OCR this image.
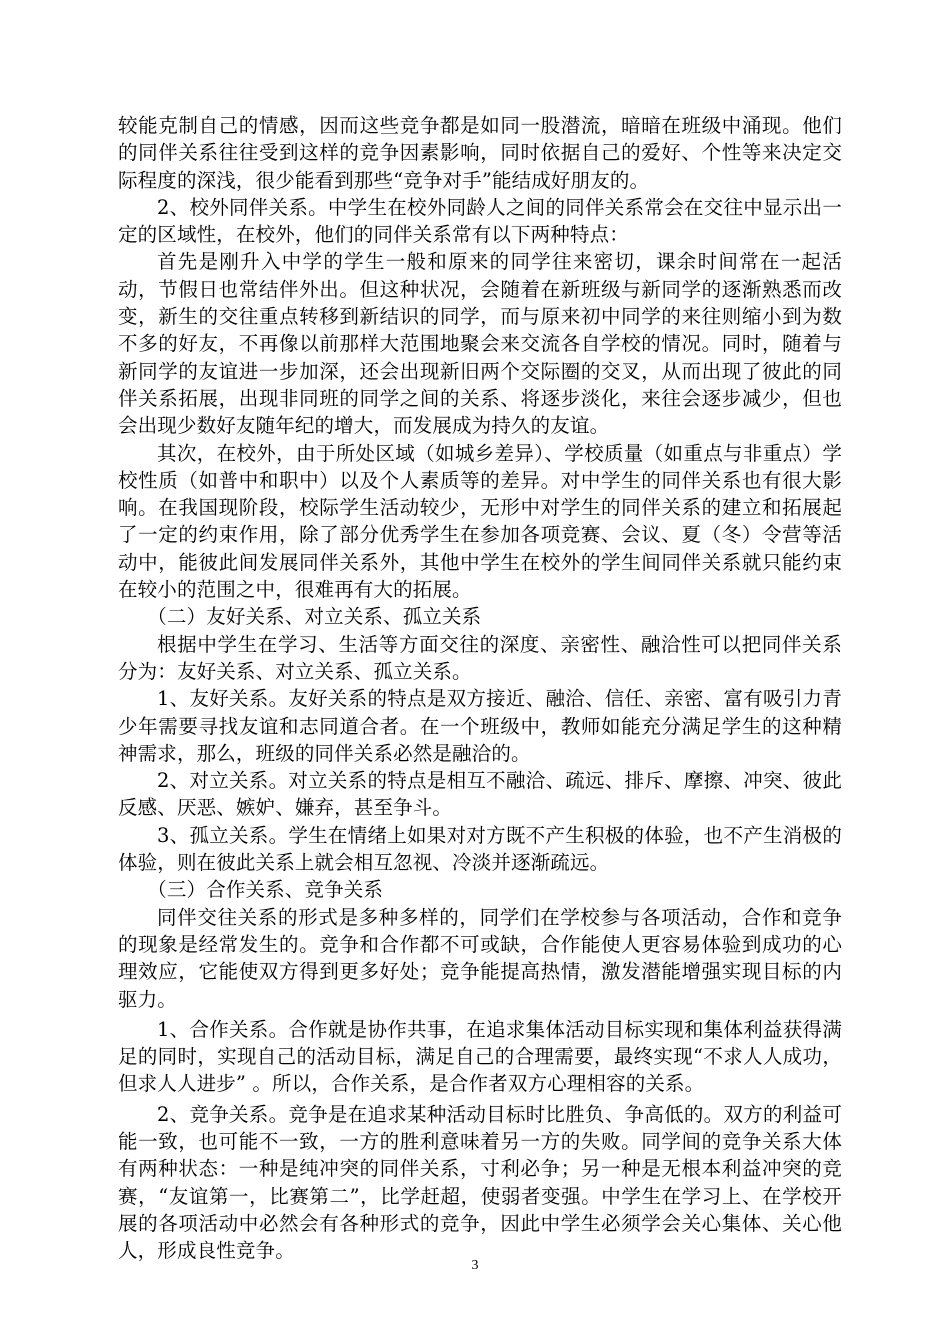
较能克制自己的情感，因而这些竞争都是如同一股潜流，暗暗在班级中涌现。他们的同伴关系往往受到这样的竞争因素影响，同时依据自己的爱好、个性等来决定交际程度的深浅，很少能看到那些“竞争对手”能结成好朋友的。

2、校外同伴关系。中学生在校外同龄人之间的同伴关系常会在交往中显示出一定的区域性，在校外，他们的同伴关系常有以下两种特点：

首先是刚升入中学的学生一般和原来的同学往来密切，课余时间常在一起活动，节假日也常结伴外出。但这种状况，会随着在新班级与新同学的逐渐熟悉而改变，新生的交往重点转移到新结识的同学，而与原来初中同学的来往则缩小到为数不多的好友，不再像以前那样大范围地聚会来交流各自学校的情况。同时，随着与新同学的友谊进一步加深，还会出现新旧两个交际圈的交叉，从而出现了彼此的同伴关系拓展，出现非同班的同学之间的关系、将逐步淡化，来往会逐步减少，但也会出现少数好友随年纪的增大，而发展成为持久的友谊。

其次，在校外，由于所处区域（如城乡差异）、学校质量（如重点与非重点）学校性质（如普中和职中）以及个人素质等的差异。对中学生的同伴关系也有很大影响。在我国现阶段，校际学生活动较少，无形中对学生的同伴关系的建立和拓展起了一定的约束作用，除了部分优秀学生在参加各项竞赛、会议、夏（冬）令营等活动中，能彼此间发展同伴关系外，其他中学生在校外的学生间同伴关系就只能约束在较小的范围之中，很难再有大的拓展。

（二）友好关系、对立关系、孤立关系

根据中学生在学习、生活等方面交往的深度、亲密性、融洽性可以把同伴关系分为：友好关系、对立关系、孤立关系。

1、友好关系。友好关系的特点是双方接近、融洽、信任、亲密、富有吸引力青少年需要寻找友谊和志同道合者。在一个班级中，教师如能充分满足学生的这种精神需求，那么，班级的同伴关系必然是融洽的。

2、对立关系。对立关系的特点是相互不融洽、疏远、排斥、摩擦、冲突、彼此反感、厌恶、嫉妒、嫌弃，甚至争斗。

3、孤立关系。学生在情绪上如果对对方既不产生积极的体验，也不产生消极的体验，则在彼此关系上就会相互忽视、冷淡并逐渐疏远。

（三）合作关系、竞争关系

同伴交往关系的形式是多种多样的，同学们在学校参与各项活动，合作和竞争的现象是经常发生的。竞争和合作都不可或缺，合作能使人更容易体验到成功的心理效应，它能使双方得到更多好处；竞争能提高热情，激发潜能增强实现目标的内驱力。

1、合作关系。合作就是协作共事，在追求集体活动目标实现和集体利益获得满足的同时，实现自己的活动目标，满足自己的合理需要，最终实现“不求人人成功，但求人人进步” 。所以，合作关系，是合作者双方心理相容的关系。

2、竞争关系。竞争是在追求某种活动目标时比胜负、争高低的。双方的利益可能一致，也可能不一致，一方的胜利意味着另一方的失败。同学间的竞争关系大体有两种状态：一种是纯冲突的同伴关系，寸利必争；另一种是无根本利益冲突的竞赛，“友谊第一，比赛第二”，比学赶超，使弱者变强。中学生在学习上、在学校开展的各项活动中必然会有各种形式的竞争，因此中学生必须学会关心集体、关心他人，形成良性竞争。

3
